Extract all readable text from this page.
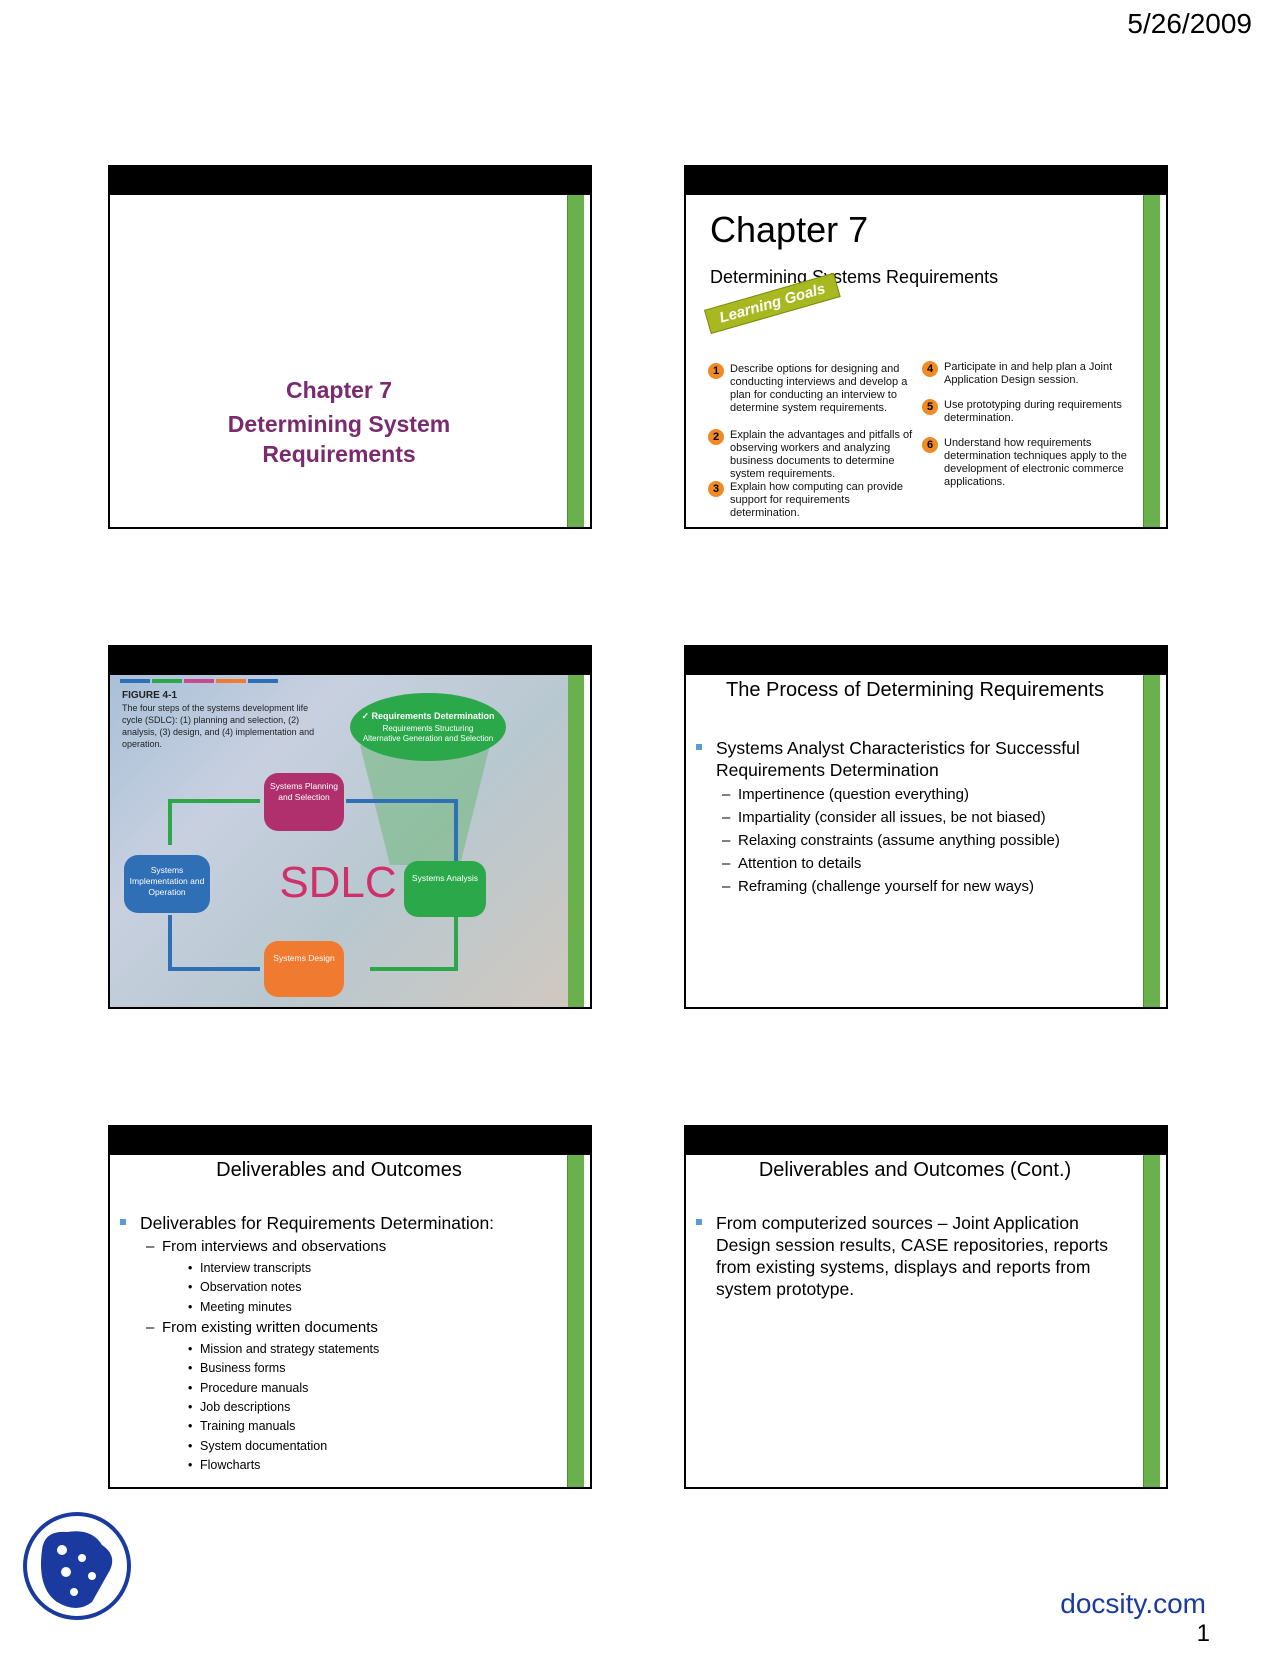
5/26/2009
Chapter 7
Determining System
Requirements
Chapter 7
Determining Systems Requirements
Learning Goals
1 Describe options for designing and conducting interviews and develop a plan for conducting an interview to determine system requirements.
2 Explain the advantages and pitfalls of observing workers and analyzing business documents to determine system requirements.
3 Explain how computing can provide support for requirements determination.
4 Participate in and help plan a Joint Application Design session.
5 Use prototyping during requirements determination.
6 Understand how requirements determination techniques apply to the development of electronic commerce applications.
✓ Requirements Determination
Requirements Structuring
Alternative Generation and Selection
SDLC
Systems Planning and Selection
Systems Analysis
Systems Design
Systems Implementation and Operation
FIGURE 4-1
The four steps of the systems development life cycle (SDLC): (1) planning and selection, (2) analysis, (3) design, and (4) implementation and operation.
The Process of Determining Requirements
Systems Analyst Characteristics for Successful Requirements Determination
– Impertinence (question everything)
– Impartiality (consider all issues, be not biased)
– Relaxing constraints (assume anything possible)
– Attention to details
– Reframing (challenge yourself for new ways)
Deliverables and Outcomes
Deliverables for Requirements Determination:
– From interviews and observations
• Interview transcripts
• Observation notes
• Meeting minutes
– From existing written documents
• Mission and strategy statements
• Business forms
• Procedure manuals
• Job descriptions
• Training manuals
• System documentation
• Flowcharts
Deliverables and Outcomes (Cont.)
From computerized sources – Joint Application Design session results, CASE repositories, reports from existing systems, displays and reports from system prototype.
docsity.com
1
